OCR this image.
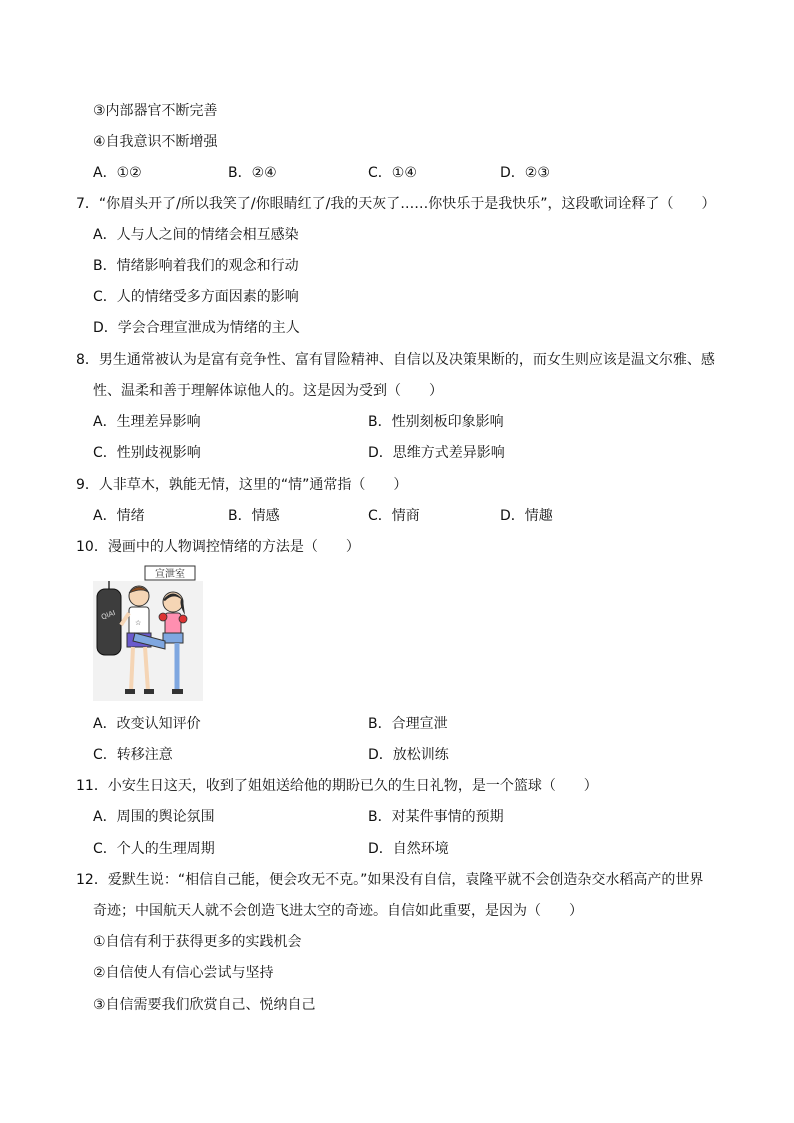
③内部器官不断完善
④自我意识不断增强
A．①②	B．②④	C．①④	D．②③
7．“你眉头开了/所以我笑了/你眼睛红了/我的天灰了……你快乐于是我快乐”，这段歌词诠释了（　　）
A．人与人之间的情绪会相互感染
B．情绪影响着我们的观念和行动
C．人的情绪受多方面因素的影响
D．学会合理宣泄成为情绪的主人
8．男生通常被认为是富有竞争性、富有冒险精神、自信以及决策果断的，而女生则应该是温文尔雅、感
性、温柔和善于理解体谅他人的。这是因为受到（　　）
A．生理差异影响	B．性别刻板印象影响
C．性别歧视影响	D．思维方式差异影响
9．人非草木，孰能无情，这里的“情”通常指（　　）
A．情绪	B．情感	C．情商	D．情趣
10．漫画中的人物调控情绪的方法是（　　）
宣泄室
QIAI
☆
A．改变认知评价	B．合理宣泄
C．转移注意	D．放松训练
11．小安生日这天，收到了姐姐送给他的期盼已久的生日礼物，是一个篮球（　　）
A．周围的舆论氛围	B．对某件事情的预期
C．个人的生理周期	D．自然环境
12．爱默生说：“相信自己能，便会攻无不克。”如果没有自信，袁隆平就不会创造杂交水稻高产的世界
奇迹；中国航天人就不会创造飞进太空的奇迹。自信如此重要，是因为（　　）
①自信有利于获得更多的实践机会
②自信使人有信心尝试与坚持
③自信需要我们欣赏自己、悦纳自己
